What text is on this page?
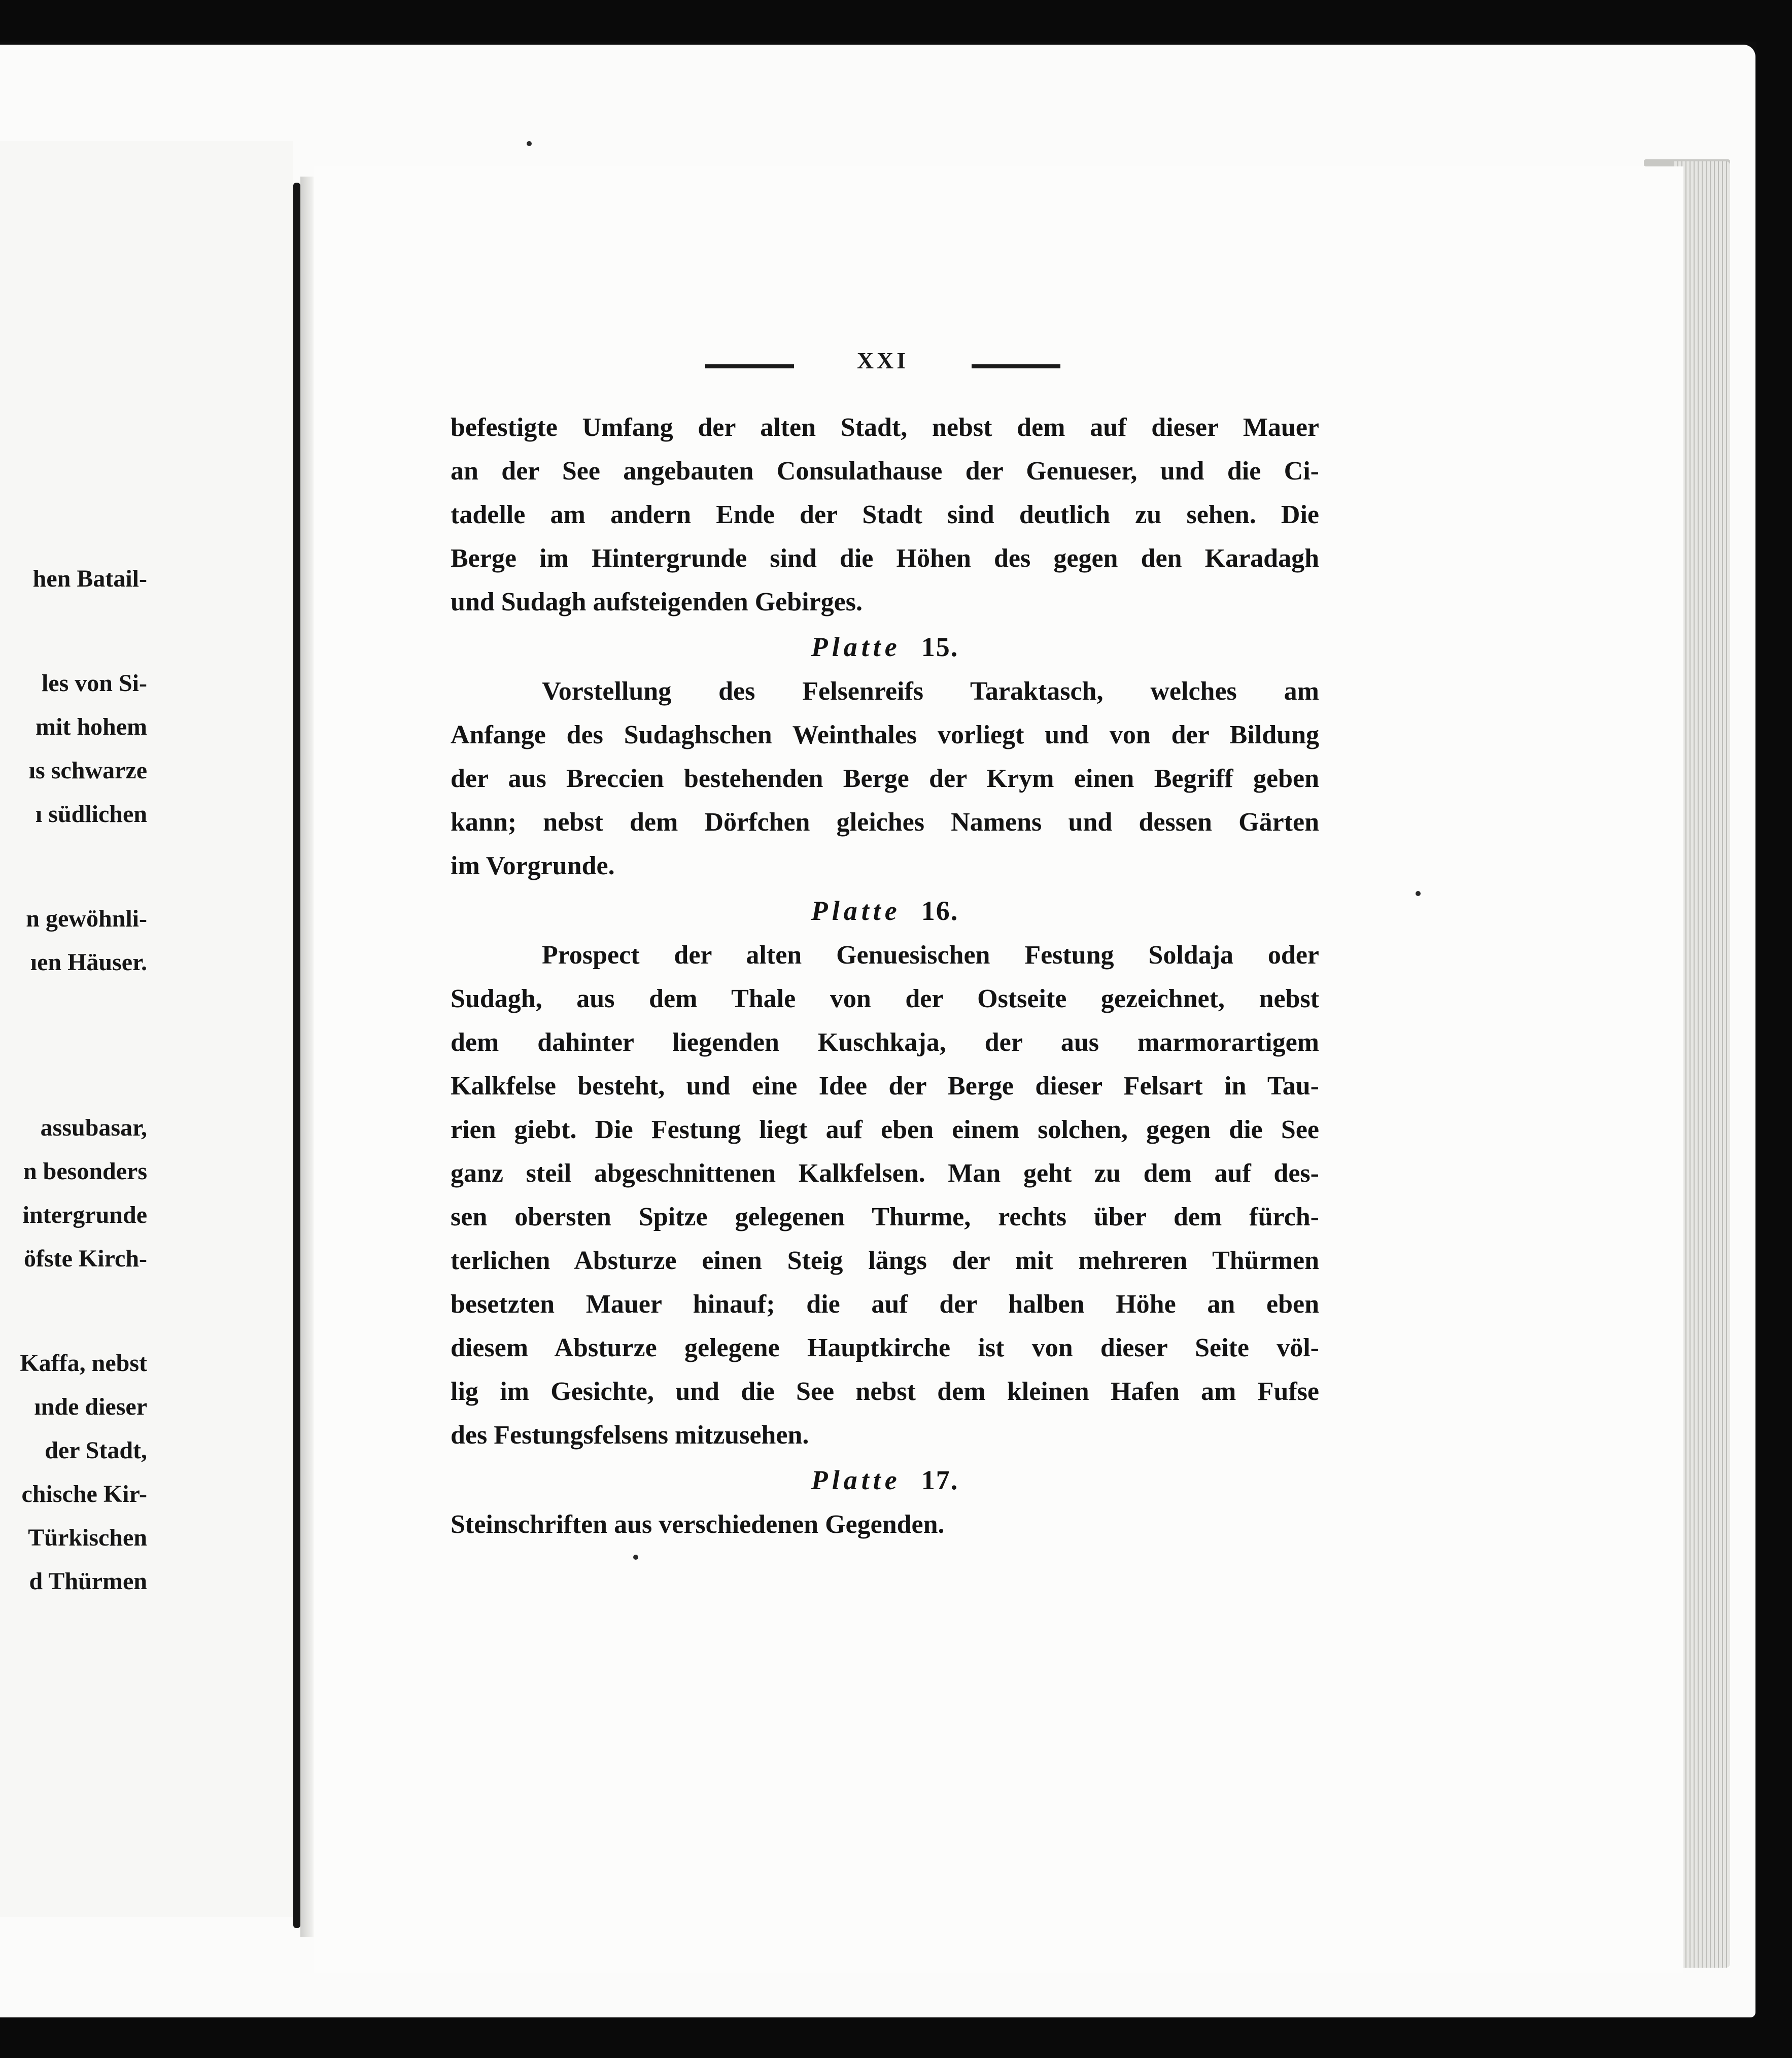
hen Batail-
les von Si-
mit hohem
ıs schwarze
ı südlichen
n gewöhnli-
ıen Häuser.
assubasar,
n besonders
intergrunde
öfste Kirch-
Kaffa, nebst
ınde dieser
der Stadt,
chische Kir-
Türkischen
d Thürmen
XXI
befestigte Umfang der alten Stadt, nebst dem auf dieser Mauer
an der See angebauten Consulathause der Genueser, und die Ci-
tadelle am andern Ende der Stadt sind deutlich zu sehen. Die
Berge im Hintergrunde sind die Höhen des gegen den Karadagh
und Sudagh aufsteigenden Gebirges.
Platte 15.
Vorstellung des Felsenreifs Taraktasch, welches am
Anfange des Sudaghschen Weinthales vorliegt und von der Bildung
der aus Breccien bestehenden Berge der Krym einen Begriff geben
kann; nebst dem Dörfchen gleiches Namens und dessen Gärten
im Vorgrunde.
Platte 16.
Prospect der alten Genuesischen Festung Soldaja oder
Sudagh, aus dem Thale von der Ostseite gezeichnet, nebst
dem dahinter liegenden Kuschkaja, der aus marmorartigem
Kalkfelse besteht, und eine Idee der Berge dieser Felsart in Tau-
rien giebt. Die Festung liegt auf eben einem solchen, gegen die See
ganz steil abgeschnittenen Kalkfelsen. Man geht zu dem auf des-
sen obersten Spitze gelegenen Thurme, rechts über dem fürch-
terlichen Absturze einen Steig längs der mit mehreren Thürmen
besetzten Mauer hinauf; die auf der halben Höhe an eben
diesem Absturze gelegene Hauptkirche ist von dieser Seite völ-
lig im Gesichte, und die See nebst dem kleinen Hafen am Fufse
des Festungsfelsens mitzusehen.
Platte 17.
Steinschriften aus verschiedenen Gegenden.
